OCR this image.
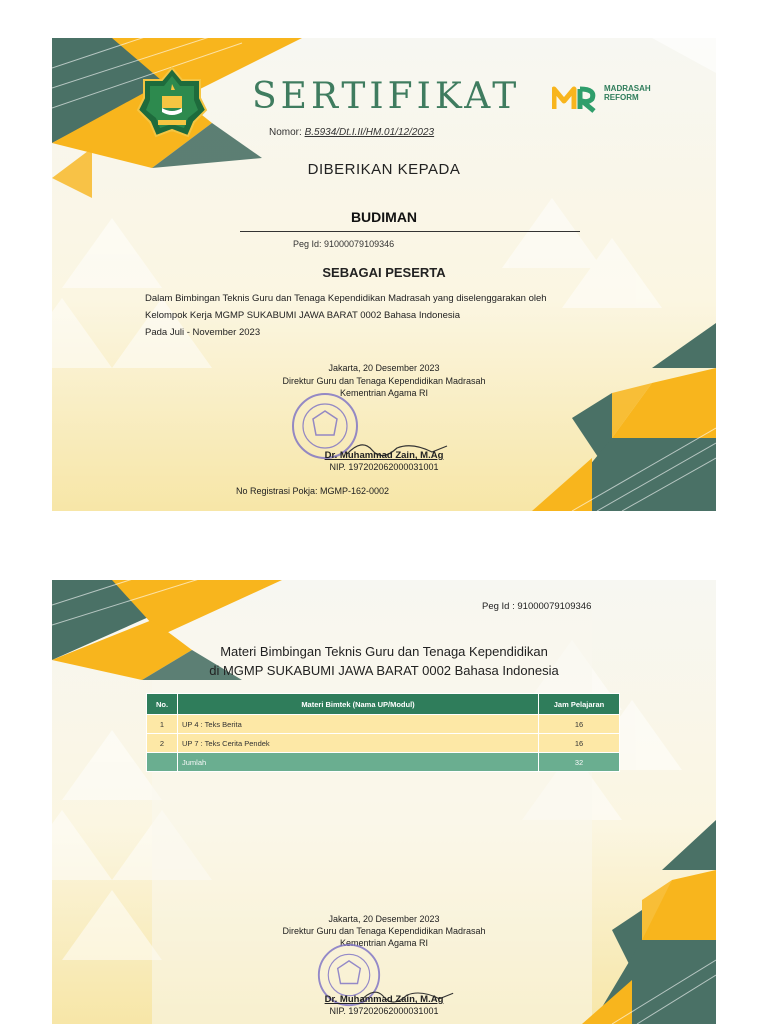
SERTIFIKAT	MADRASAH
REFORM
Nomor: B.5934/Dt.I.II/HM.01/12/2023
DIBERIKAN KEPADA
BUDIMAN
Peg Id: 91000079109346
SEBAGAI PESERTA
Dalam Bimbingan Teknis Guru dan Tenaga Kependidikan Madrasah yang diselenggarakan oleh
Kelompok Kerja MGMP SUKABUMI JAWA BARAT 0002 Bahasa Indonesia
Pada Juli - November 2023
Jakarta, 20 Desember 2023
Direktur Guru dan Tenaga Kependidikan Madrasah
Kementrian Agama RI
Dr. Muhammad Zain, M.Ag
NIP. 197202062000031001
No Registrasi Pokja: MGMP-162-0002
Peg Id : 91000079109346
Materi Bimbingan Teknis Guru dan Tenaga Kependidikan
di MGMP SUKABUMI JAWA BARAT 0002 Bahasa Indonesia
No.	Materi Bimtek (Nama UP/Modul)	Jam Pelajaran
1	UP 4 : Teks Berita	16
2	UP 7 : Teks Cerita Pendek	16
	Jumlah	32
Jakarta, 20 Desember 2023
Direktur Guru dan Tenaga Kependidikan Madrasah
Kementrian Agama RI
Dr. Muhammad Zain, M.Ag
NIP. 197202062000031001
